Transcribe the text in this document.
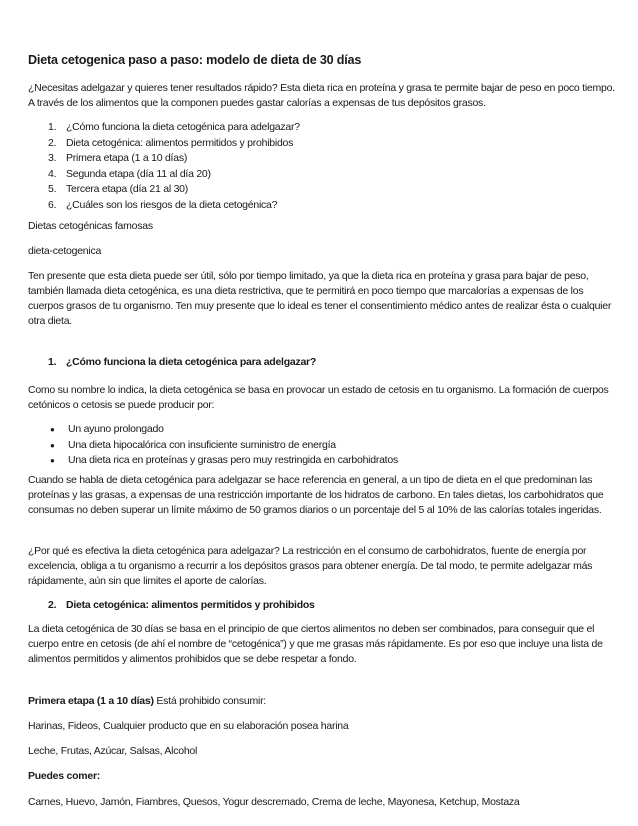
Dieta cetogenica paso a paso: modelo de dieta de 30 días
¿Necesitas adelgazar y quieres tener resultados rápido? Esta dieta rica en proteína y grasa te permite bajar de peso en poco tiempo. A través de los alimentos que la componen puedes gastar calorías a expensas de tus depósitos grasos.
1. ¿Cómo funciona la dieta cetogénica para adelgazar?
2. Dieta cetogénica: alimentos permitidos y prohibidos
3. Primera etapa (1 a 10 días)
4. Segunda etapa (día 11 al día 20)
5. Tercera etapa (día 21 al 30)
6. ¿Cuáles son los riesgos de la dieta cetogénica?
Dietas cetogénicas famosas
dieta-cetogenica
Ten presente que esta dieta puede ser útil, sólo por tiempo limitado, ya que la dieta rica en proteína y grasa para bajar de peso, también llamada dieta cetogénica, es una dieta restrictiva, que te permitirá en poco tiempo que marcalorías a expensas de los cuerpos grasos de tu organismo. Ten muy presente que lo ideal es tener el consentimiento médico antes de realizar ésta o cualquier otra dieta.
1. ¿Cómo funciona la dieta cetogénica para adelgazar?
Como su nombre lo indica, la dieta cetogénica se basa en provocar un estado de cetosis en tu organismo. La formación de cuerpos cetónicos o cetosis se puede producir por:
● Un ayuno prolongado
● Una dieta hipocalórica con insuficiente suministro de energía
● Una dieta rica en proteínas y grasas pero muy restringida en carbohidratos
Cuando se habla de dieta cetogénica para adelgazar se hace referencia en general, a un tipo de dieta en el que predominan las proteínas y las grasas, a expensas de una restricción importante de los hidratos de carbono. En tales dietas, los carbohidratos que consumas no deben superar un límite máximo de 50 gramos diarios o un porcentaje del 5 al 10% de las calorías totales ingeridas.
¿Por qué es efectiva la dieta cetogénica para adelgazar? La restricción en el consumo de carbohidratos, fuente de energía por excelencia, obliga a tu organismo a recurrir a los depósitos grasos para obtener energía. De tal modo, te permite adelgazar más rápidamente, aún sin que limites el aporte de calorías.
2. Dieta cetogénica: alimentos permitidos y prohibidos
La dieta cetogénica de 30 días se basa en el principio de que ciertos alimentos no deben ser combinados, para conseguir que el cuerpo entre en cetosis (de ahí el nombre de “cetogénica”) y que me grasas más rápidamente. Es por eso que incluye una lista de alimentos permitidos y alimentos prohibidos que se debe respetar a fondo.
Primera etapa (1 a 10 días) Está prohibido consumir:
Harinas, Fideos, Cualquier producto que en su elaboración posea harina
Leche, Frutas, Azúcar, Salsas, Alcohol
Puedes comer:
Carnes, Huevo, Jamón, Fiambres, Quesos, Yogur descremado, Crema de leche, Mayonesa, Ketchup, Mostaza
